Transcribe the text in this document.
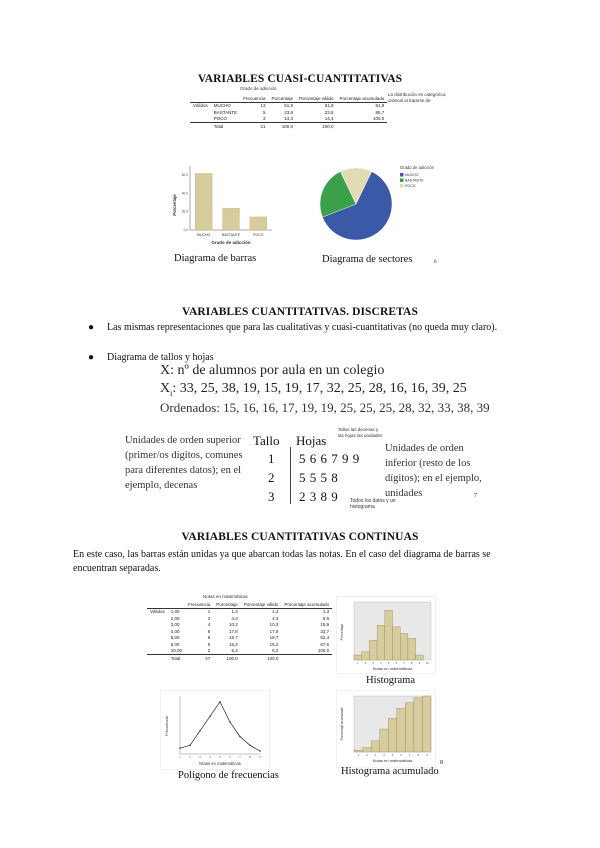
VARIABLES CUASI-CUANTITATIVAS
Grado de adicción
		Frecuencia	Porcentaje	Porcentaje válido	Porcentaje acumulado
Válidos	MUCHO	13	61,9	61,9	61,9
	BASTANTE	5	23,8	23,8	85,7
	POCO	3	14,3	14,3	100,0
	Total	21	100,0	100,0	
La distribución es categórica, ordenal al tratarse de
MUCHO	BASTANTE	POCO
0,0
20,0
40,0
60,0
Porcentaje
Grado de adicción
Grado de adicción
MUCHO
BASTANTE
POCO
Diagrama de barras	Diagrama de sectores	6
VARIABLES CUANTITATIVAS. DISCRETAS
● Las mismas representaciones que para las cualitativas y cuasi-cuantitativas (no queda muy claro).
● Diagrama de tallos y hojas
X: nº de alumnos por aula en un colegio
$X_i$: 33, 25, 38, 19, 15, 19, 17, 32, 25, 28, 16, 16, 39, 25
Ordenados: 15, 16, 16, 17, 19, 19, 25, 25, 25, 28, 32, 33, 38, 39
Unidades de orden superior (primer/os dígitos, comunes para diferentes datos); en el ejemplo, decenas
Tallo Hojas
Tallos las decenas y las hojas las unidades
1 5 6 6 7 9 9
2 5 5 5 8
3 2 3 8 9
Unidades de orden inferior (resto de los dígitos); en el ejemplo, unidades
Todos los datos y un histograma
7
VARIABLES CUANTITATIVAS CONTINUAS
En este caso, las barras están unidas ya que abarcan todas las notas. En el caso del diagrama de barras se encuentran separadas.
Notas en matemáticas
		Frecuencia	Porcentaje	Porcentaje válido	Porcentaje acumulado
Válidos	1,00	1	1,3	1,3	1,3
	2,00	2	4,3	4,3	5,6
	3,00	4	10,3	10,3	15,9
	4,00	6	17,8	17,8	33,7
	5,00	6	18,7	18,7	52,4
	6,00	5	15,2	15,2	67,6
	10,00	2	5,2	5,2	100,0
	Total	27	100,0	100,0	
1 2 3 4 5 6 7 8 9 10
Porcentaje
Notas en matemáticas
Histograma
1	2	3	4	5	6	7	8	9
Frecuencia
Notas en matemáticas
Polígono de frecuencias
1	2	3	4	5	6	7	8	9
Porcentaje acumulado
Notas en matemáticas
Histograma acumulado
8
